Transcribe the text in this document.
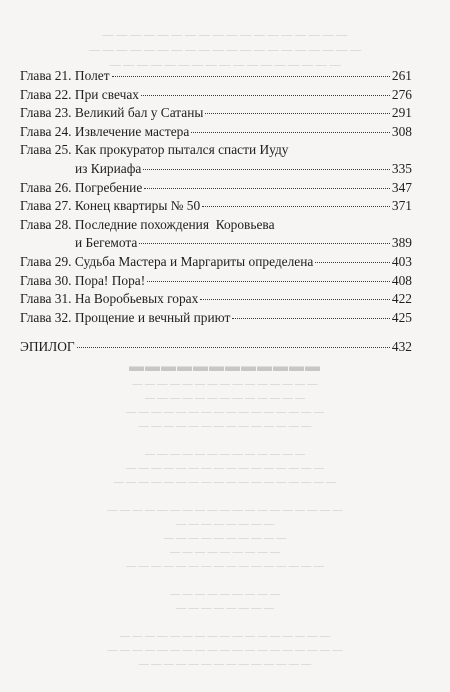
— — — — — — — — — — — — — — — — — —
— — — — — — — — — — — — — — — — — — — —
— — — — — — — — — — — — — — — — —
▬▬▬▬▬▬▬▬▬▬▬▬
— — — — — — — — — — — — — — —
— — — — — — — — — — — — —
— — — — — — — — — — — — — — — —
— — — — — — — — — — — — — —

— — — — — — — — — — — — —
— — — — — — — — — — — — — — — —
— — — — — — — — — — — — — — — — — —

— — — — — — — — — — — — — — — — — — —
— — — — — — — —
— — — — — — — — — —
— — — — — — — — —
— — — — — — — — — — — — — — — —

— — — — — — — — —
— — — — — — — —

— — — — — — — — — — — — — — — — —
— — — — — — — — — — — — — — — — — — —
— — — — — — — — — — — — — —
Глава 21. Полет	261
Глава 22. При свечах	276
Глава 23. Великий бал у Сатаны	291
Глава 24. Извлечение мастера	308
Глава 25. Как прокуратор пытался спасти Иуду
из Кириафа	335
Глава 26. Погребение	347
Глава 27. Конец квартиры № 50	371
Глава 28. Последние похождения  Коровьева
и Бегемота	389
Глава 29. Судьба Мастера и Маргариты определена	403
Глава 30. Пора! Пора!	408
Глава 31. На Воробьевых горах	422
Глава 32. Прощение и вечный приют	425
ЭПИЛОГ	432
